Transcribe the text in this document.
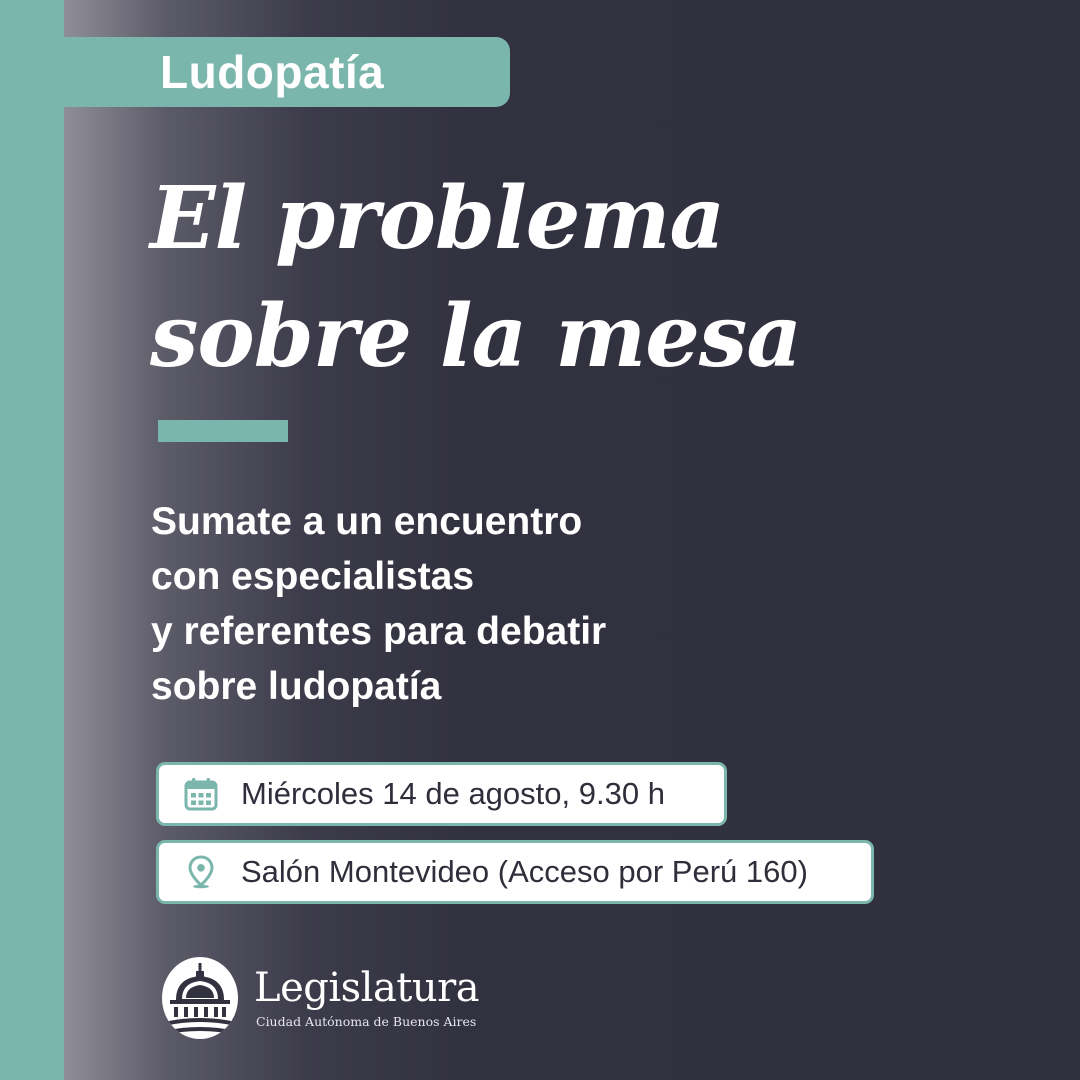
Ludopatía
El problema
sobre la mesa

Sumate a un encuentro
con especialistas
y referentes para debatir
sobre ludopatía

Miércoles 14 de agosto, 9.30 h
Salón Montevideo (Acceso por Perú 160)
Legislatura
Ciudad Autónoma de Buenos Aires
